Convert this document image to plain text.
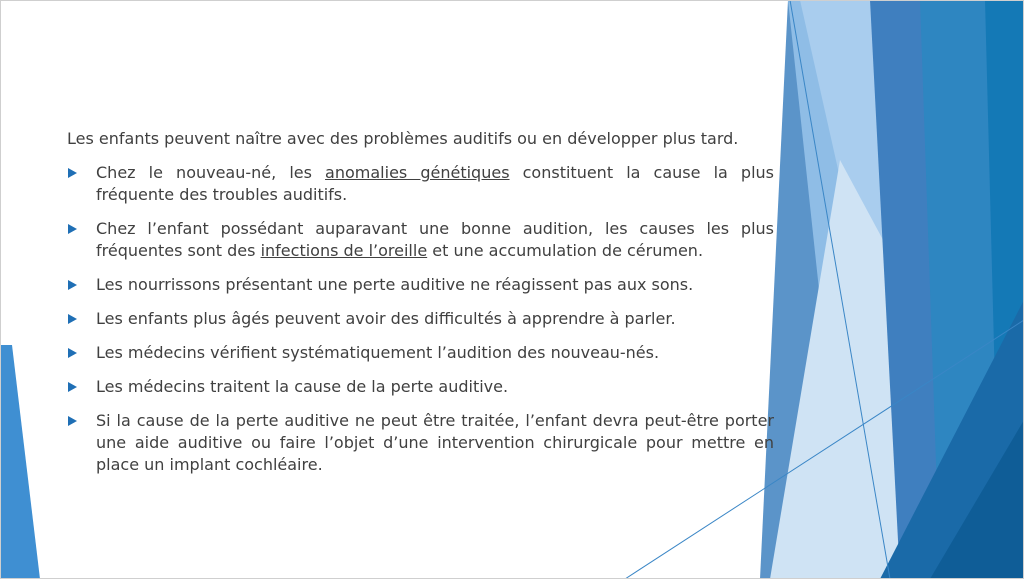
Les enfants peuvent naître avec des problèmes auditifs ou en développer plus tard.

Chez le nouveau-né, les anomalies génétiques constituent la cause la plus fréquente des troubles auditifs.
Chez l’enfant possédant auparavant une bonne audition, les causes les plus fréquentes sont des infections de l’oreille et une accumulation de cérumen.
Les nourrissons présentant une perte auditive ne réagissent pas aux sons.
Les enfants plus âgés peuvent avoir des difficultés à apprendre à parler.
Les médecins vérifient systématiquement l’audition des nouveau-nés.
Les médecins traitent la cause de la perte auditive.
Si la cause de la perte auditive ne peut être traitée, l’enfant devra peut-être porter une aide auditive ou faire l’objet d’une intervention chirurgicale pour mettre en place un implant cochléaire.
